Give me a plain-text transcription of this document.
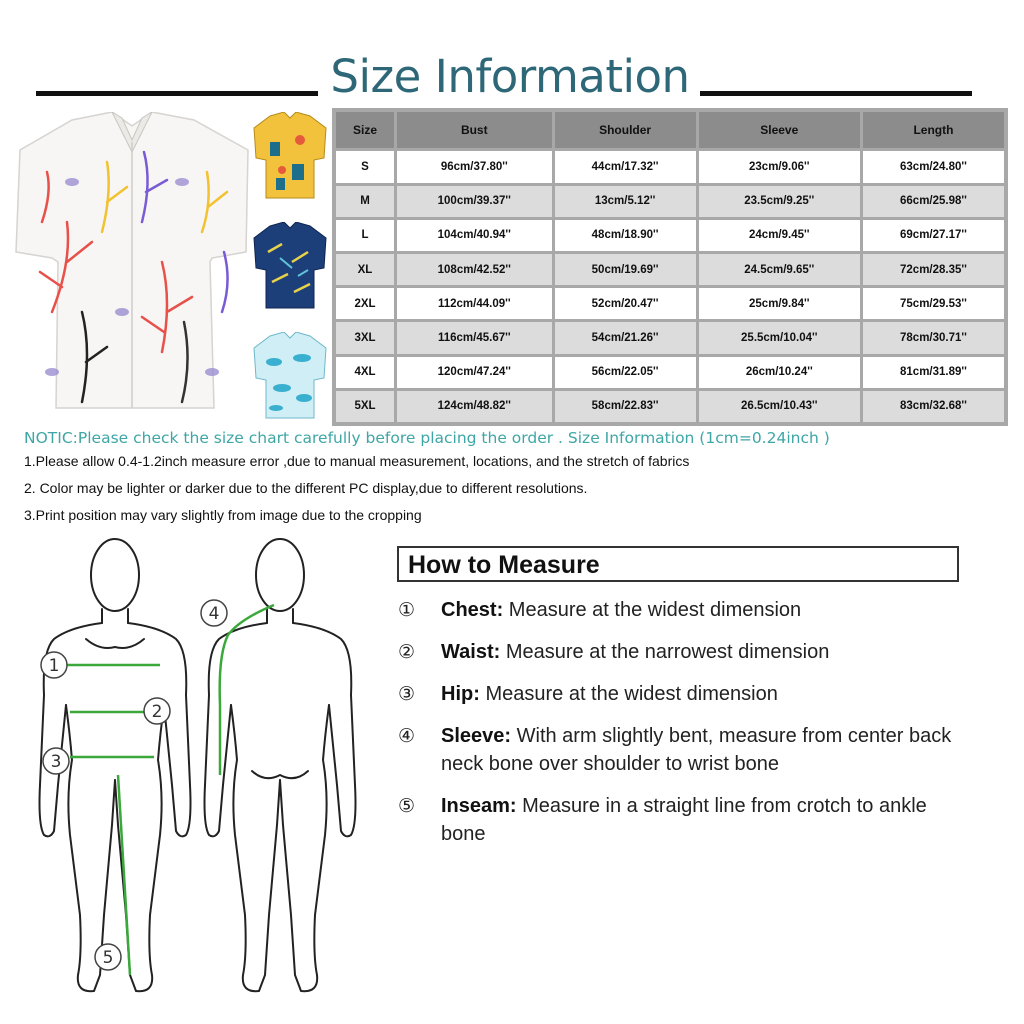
Size Information
Size	Bust	Shoulder	Sleeve	Length
S	96cm/37.80''	44cm/17.32''	23cm/9.06''	63cm/24.80''
M	100cm/39.37''	13cm/5.12''	23.5cm/9.25''	66cm/25.98''
L	104cm/40.94''	48cm/18.90''	24cm/9.45''	69cm/27.17''
XL	108cm/42.52''	50cm/19.69''	24.5cm/9.65''	72cm/28.35''
2XL	112cm/44.09''	52cm/20.47''	25cm/9.84''	75cm/29.53''
3XL	116cm/45.67''	54cm/21.26''	25.5cm/10.04''	78cm/30.71''
4XL	120cm/47.24''	56cm/22.05''	26cm/10.24''	81cm/31.89''
5XL	124cm/48.82''	58cm/22.83''	26.5cm/10.43''	83cm/32.68''
NOTIC:Please check the size chart carefully before placing the order . Size Information (1cm=0.24inch )
1.Please allow 0.4-1.2inch measure error ,due to manual measurement, locations, and the stretch of fabrics
2. Color may be lighter or darker due to the different PC display,due to different resolutions.
3.Print position may vary slightly from image due to the cropping
1
2
3
5
4
How to Measure
① Chest: Measure at the widest dimension
② Waist: Measure at the narrowest dimension
③ Hip: Measure at the widest dimension
④ Sleeve: With arm slightly bent, measure from center back neck bone over shoulder to wrist bone
⑤ Inseam: Measure in a straight line from crotch to ankle bone
